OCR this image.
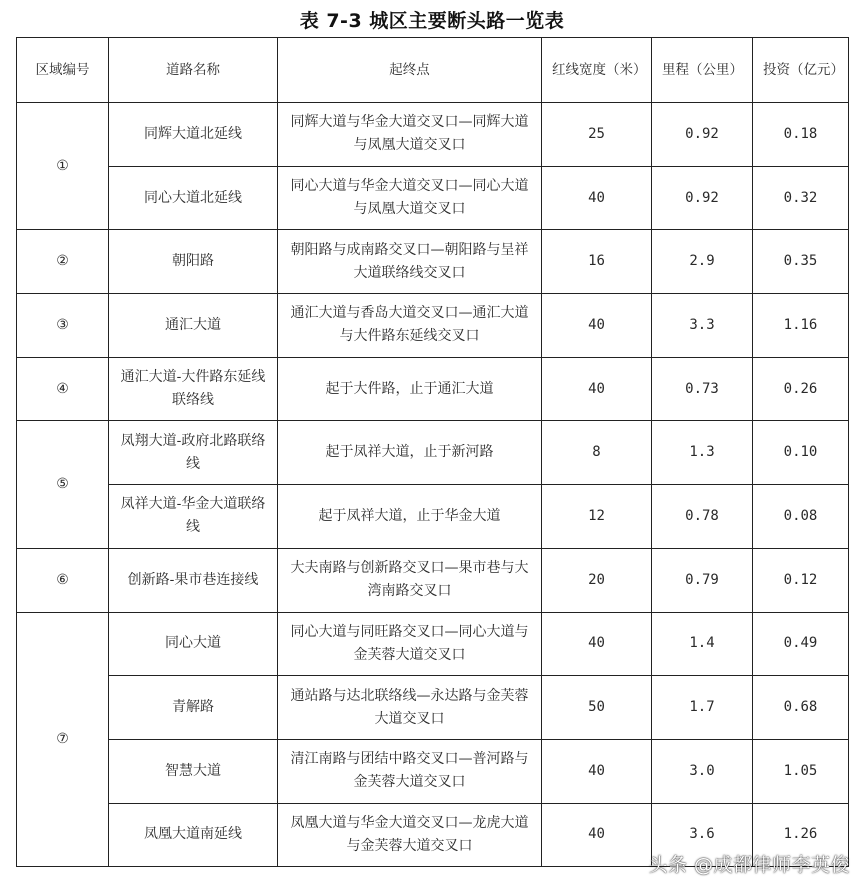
表 7-3 城区主要断头路一览表
区域编号	道路名称	起终点	红线宽度（米）	里程（公里）	投资（亿元）
①	同辉大道北延线	同辉大道与华金大道交叉口—同辉大道与凤凰大道交叉口	25	0.92	0.18
	同心大道北延线	同心大道与华金大道交叉口—同心大道与凤凰大道交叉口	40	0.92	0.32
②	朝阳路	朝阳路与成南路交叉口—朝阳路与呈祥大道联络线交叉口	16	2.9	0.35
③	通汇大道	通汇大道与香岛大道交叉口—通汇大道与大件路东延线交叉口	40	3.3	1.16
④	通汇大道-大件路东延线联络线	起于大件路，止于通汇大道	40	0.73	0.26
⑤	凤翔大道-政府北路联络线	起于凤祥大道，止于新河路	8	1.3	0.10
	凤祥大道-华金大道联络线	起于凤祥大道，止于华金大道	12	0.78	0.08
⑥	创新路-果市巷连接线	大夫南路与创新路交叉口—果市巷与大湾南路交叉口	20	0.79	0.12
⑦	同心大道	同心大道与同旺路交叉口—同心大道与金芙蓉大道交叉口	40	1.4	0.49
	青解路	通站路与达北联络线—永达路与金芙蓉大道交叉口	50	1.7	0.68
	智慧大道	清江南路与团结中路交叉口—普河路与金芙蓉大道交叉口	40	3.0	1.05
	凤凰大道南延线	凤凰大道与华金大道交叉口—龙虎大道与金芙蓉大道交叉口	40	3.6	1.26
头条 @成都律师李英俊
